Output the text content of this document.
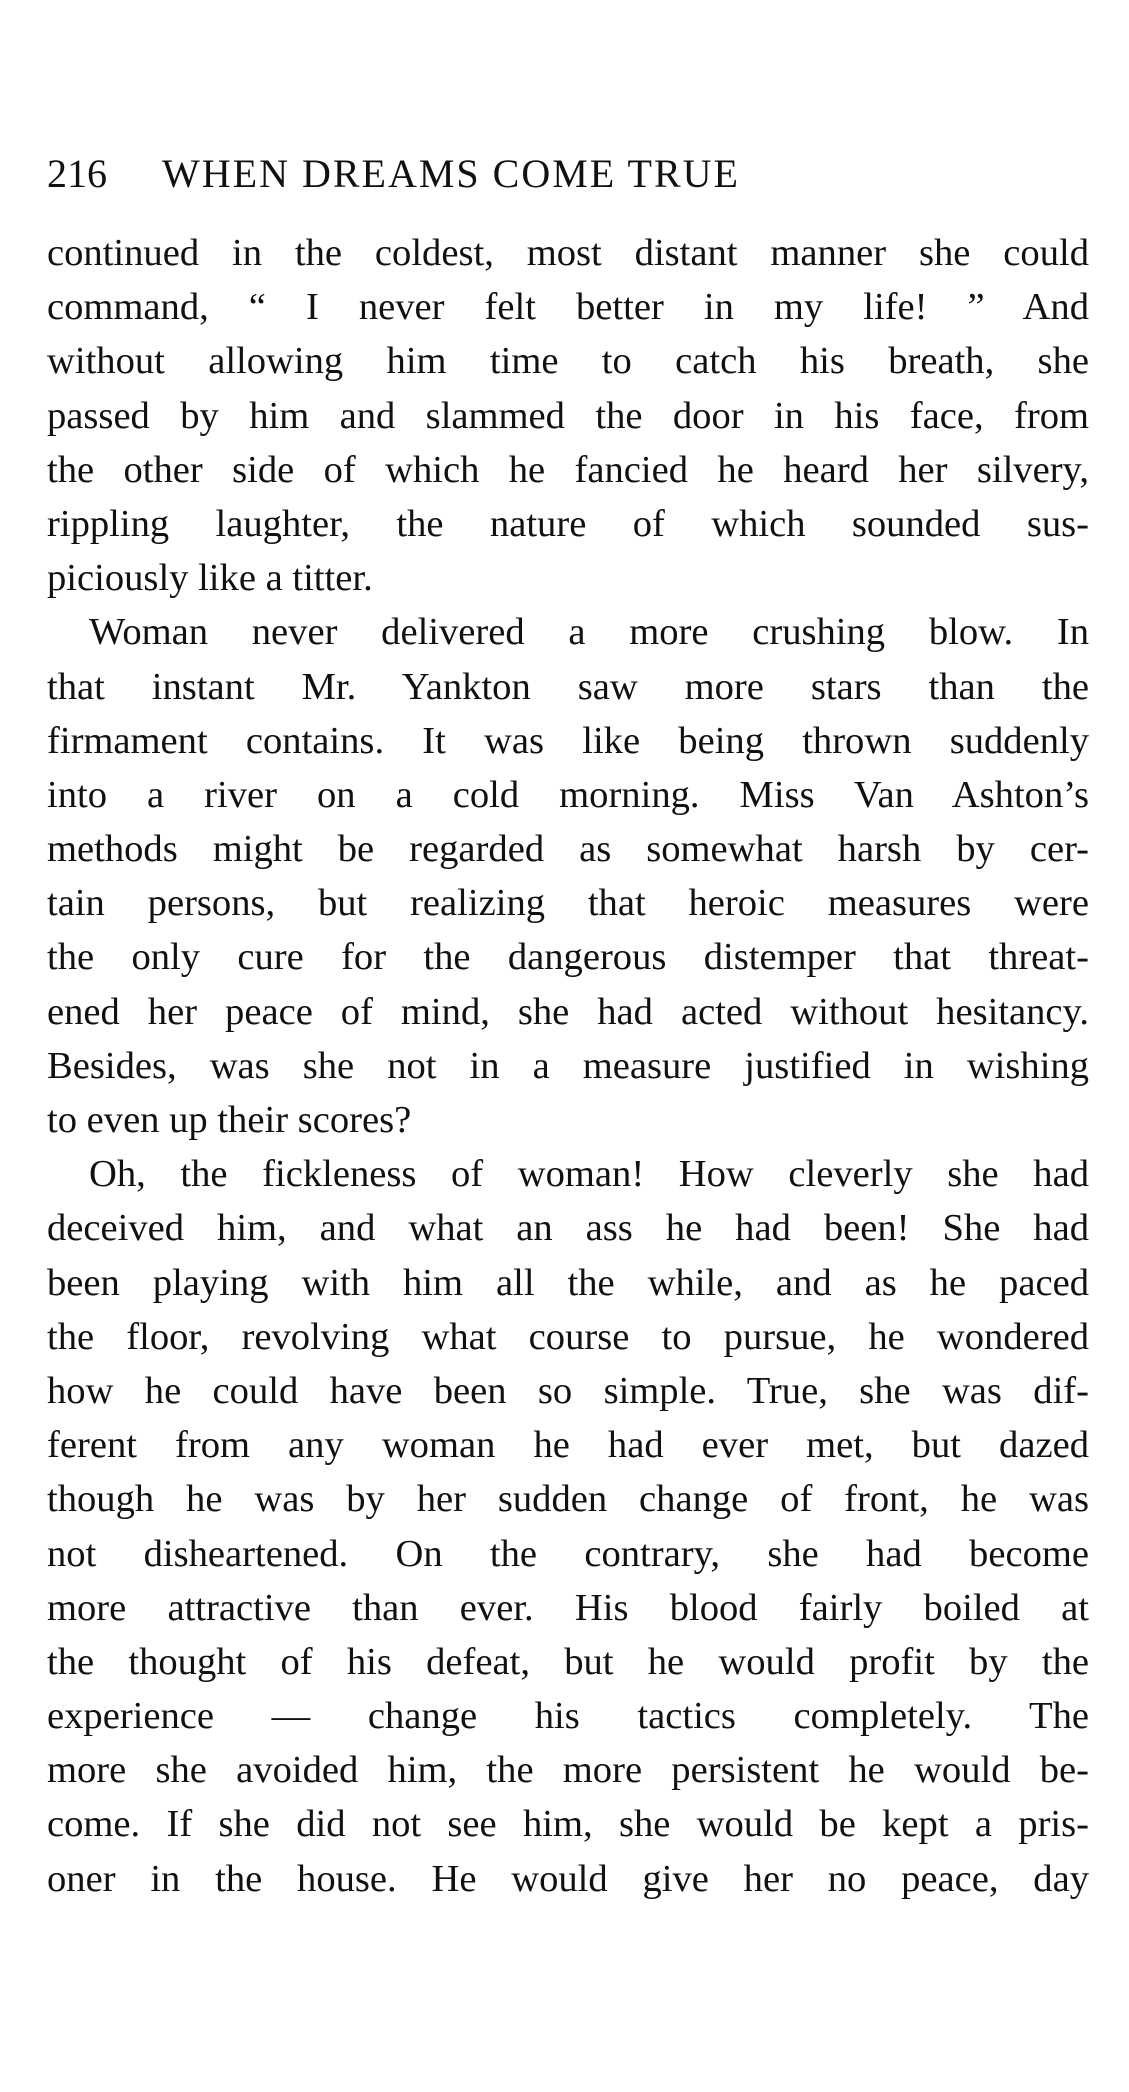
216	WHEN DREAMS COME TRUE
continued in the coldest, most distant manner she could
command, “ I never felt better in my life! ” And
without allowing him time to catch his breath, she
passed by him and slammed the door in his face, from
the other side of which he fancied he heard her silvery,
rippling laughter, the nature of which sounded sus-
piciously like a titter.
Woman never delivered a more crushing blow. In
that instant Mr. Yankton saw more stars than the
firmament contains. It was like being thrown suddenly
into a river on a cold morning. Miss Van Ashton’s
methods might be regarded as somewhat harsh by cer-
tain persons, but realizing that heroic measures were
the only cure for the dangerous distemper that threat-
ened her peace of mind, she had acted without hesitancy.
Besides, was she not in a measure justified in wishing
to even up their scores?
Oh, the fickleness of woman! How cleverly she had
deceived him, and what an ass he had been! She had
been playing with him all the while, and as he paced
the floor, revolving what course to pursue, he wondered
how he could have been so simple. True, she was dif-
ferent from any woman he had ever met, but dazed
though he was by her sudden change of front, he was
not disheartened. On the contrary, she had become
more attractive than ever. His blood fairly boiled at
the thought of his defeat, but he would profit by the
experience — change his tactics completely. The
more she avoided him, the more persistent he would be-
come. If she did not see him, she would be kept a pris-
oner in the house. He would give her no peace, day
